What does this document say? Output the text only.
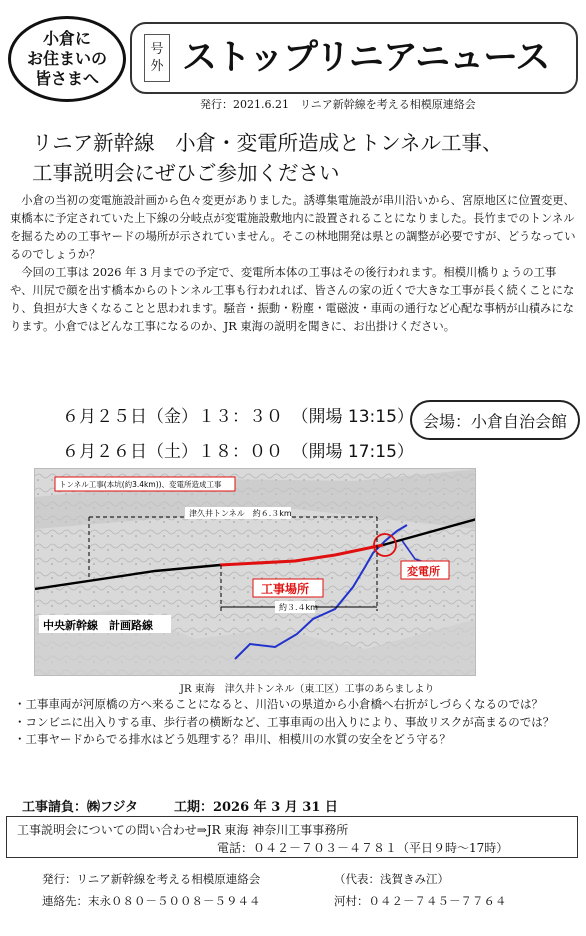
小倉に
お住まいの
皆さまへ
号
外 ストップリニアニュース
発行：2021.6.21　リニア新幹線を考える相模原連絡会
リニア新幹線　小倉・変電所造成とトンネル工事、
工事説明会にぜひご参加ください

小倉の当初の変電施設計画から色々変更がありました。誘導集電施設が串川沿いから、宮原地区に位置変更、東橋本に予定されていた上下線の分岐点が変電施設敷地内に設置されることになりました。長竹までのトンネルを掘るための工事ヤードの場所が示されていません。そこの林地開発は県との調整が必要ですが、どうなっているのでしょうか？

今回の工事は 2026 年 3 月までの予定で、変電所本体の工事はその後行われます。相模川橋りょうの工事や、川尻で顔を出す橋本からのトンネル工事も行われれば、皆さんの家の近くで大きな工事が長く続くことになり、負担が大きくなることと思われます。騒音・振動・粉塵・電磁波・車両の通行など心配な事柄が山積みになります。小倉ではどんな工事になるのか、JR 東海の説明を聞きに、お出掛けください。

６月２５日（金）１３：３０　（開場 13:15）
６月２６日（土）１８：００　（開場 17:15）
会場：小倉自治会館
トンネル工事(本坑(約3.4km))、変電所造成工事
津久井トンネル　約６.３km
工事場所
約３.４km
変電所
中央新幹線　計画路線
JR 東海　津久井トンネル（東工区）工事のあらましより
・ 工事車両が河原橋の方へ来ることになると、川沿いの県道から小倉橋へ右折がしづらくなるのでは？
・ コンビニに出入りする車、歩行者の横断など、工事車両の出入りにより、事故リスクが高まるのでは？
・ 工事ヤードからでる排水はどう処理する？串川、相模川の水質の安全をどう守る？
工事請負：㈱フジタ	工期：2026 年 3 月 31 日
工事説明会についての問い合わせ⇒JR 東海 神奈川工事事務所
電話：０４２－７０３－４７８１（平日９時～17時）
発行：リニア新幹線を考える相模原連絡会	（代表：浅賀きみ江）
連絡先：末永０８０－５００８－５９４４	河村：０４２－７４５－７７６４
